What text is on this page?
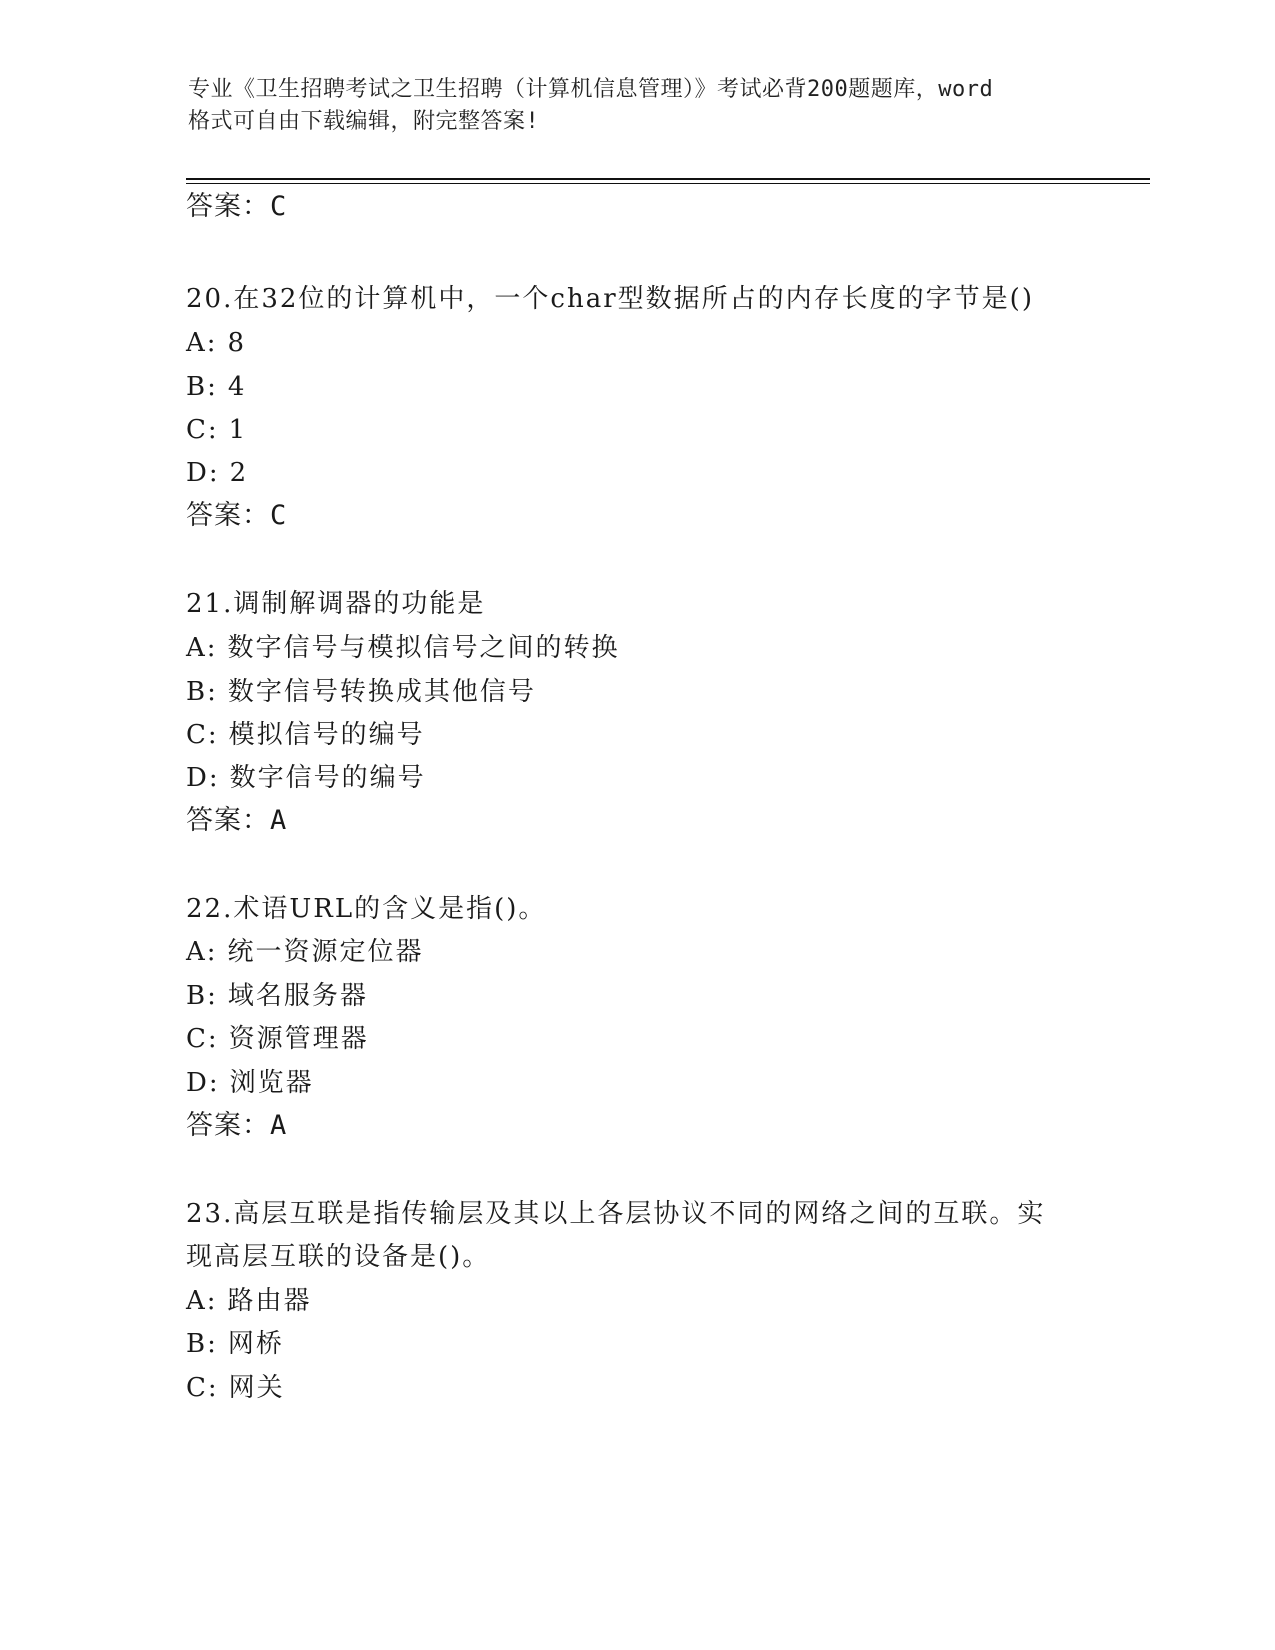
专业《卫生招聘考试之卫生招聘（计算机信息管理）》考试必背200题题库，word
格式可自由下载编辑，附完整答案!
答案：C
20.在32位的计算机中，一个char型数据所占的内存长度的字节是()
A: 8
B: 4
C: 1
D: 2
答案：C
21.调制解调器的功能是
A: 数字信号与模拟信号之间的转换
B: 数字信号转换成其他信号
C: 模拟信号的编号
D: 数字信号的编号
答案：A
22.术语URL的含义是指()。
A: 统一资源定位器
B: 域名服务器
C: 资源管理器
D: 浏览器
答案：A
23.高层互联是指传输层及其以上各层协议不同的网络之间的互联。实
现高层互联的设备是()。
A: 路由器
B: 网桥
C: 网关
